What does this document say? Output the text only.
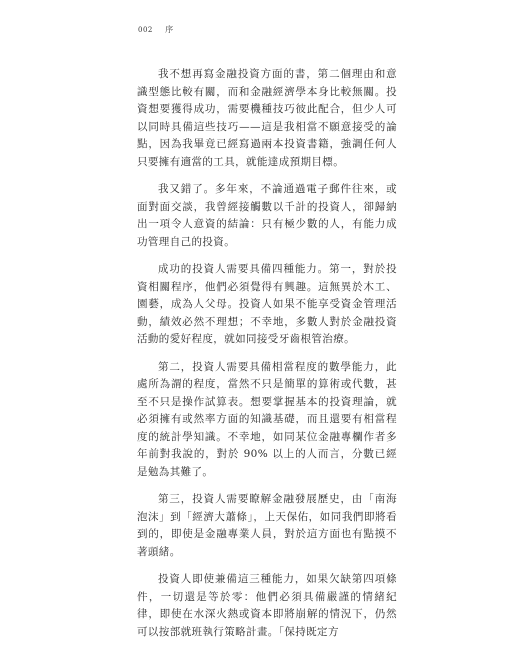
002 序

我不想再寫金融投資方面的書，第二個理由和意識型態比較有關，而和金融經濟學本身比較無關。投資想要獲得成功，需要機種技巧彼此配合，但少人可以同時具備這些技巧——這是我相當不願意接受的論點，因為我畢竟已經寫過兩本投資書籍，強調任何人只要擁有適當的工具，就能達成預期目標。

我又錯了。多年來，不論通過電子郵件往來，或面對面交談，我曾經接觸數以千計的投資人，卻歸納出一項令人意資的結論：只有極少數的人，有能力成功管理自己的投資。

成功的投資人需要具備四種能力。第一，對於投資相關程序，他們必須覺得有興趣。這無異於木工、園藝，成為人父母。投資人如果不能享受資金管理活動，績效必然不理想；不幸地，多數人對於金融投資活動的愛好程度，就如同接受牙齒根管治療。

第二，投資人需要具備相當程度的數學能力，此處所為謂的程度，當然不只是簡單的算術或代數，甚至不只是操作試算表。想要掌握基本的投資理論，就必須擁有或然率方面的知識基礎，而且還要有相當程度的統計學知識。不幸地，如同某位金融專欄作者多年前對我說的，對於 90% 以上的人而言，分數已經是勉為其難了。

第三，投資人需要瞭解金融發展歷史，由「南海泡沫」到「經濟大蕭條」，上天保佑，如同我們即將看到的，即使是金融專業人員，對於這方面也有點摸不著頭緒。

投資人即使兼備這三種能力，如果欠缺第四項條件，一切還是等於零：他們必須具備嚴謹的情緒紀律，即使在水深火熱或資本即將崩解的情況下，仍然可以按部就班執行策略計畫。「保持既定方
